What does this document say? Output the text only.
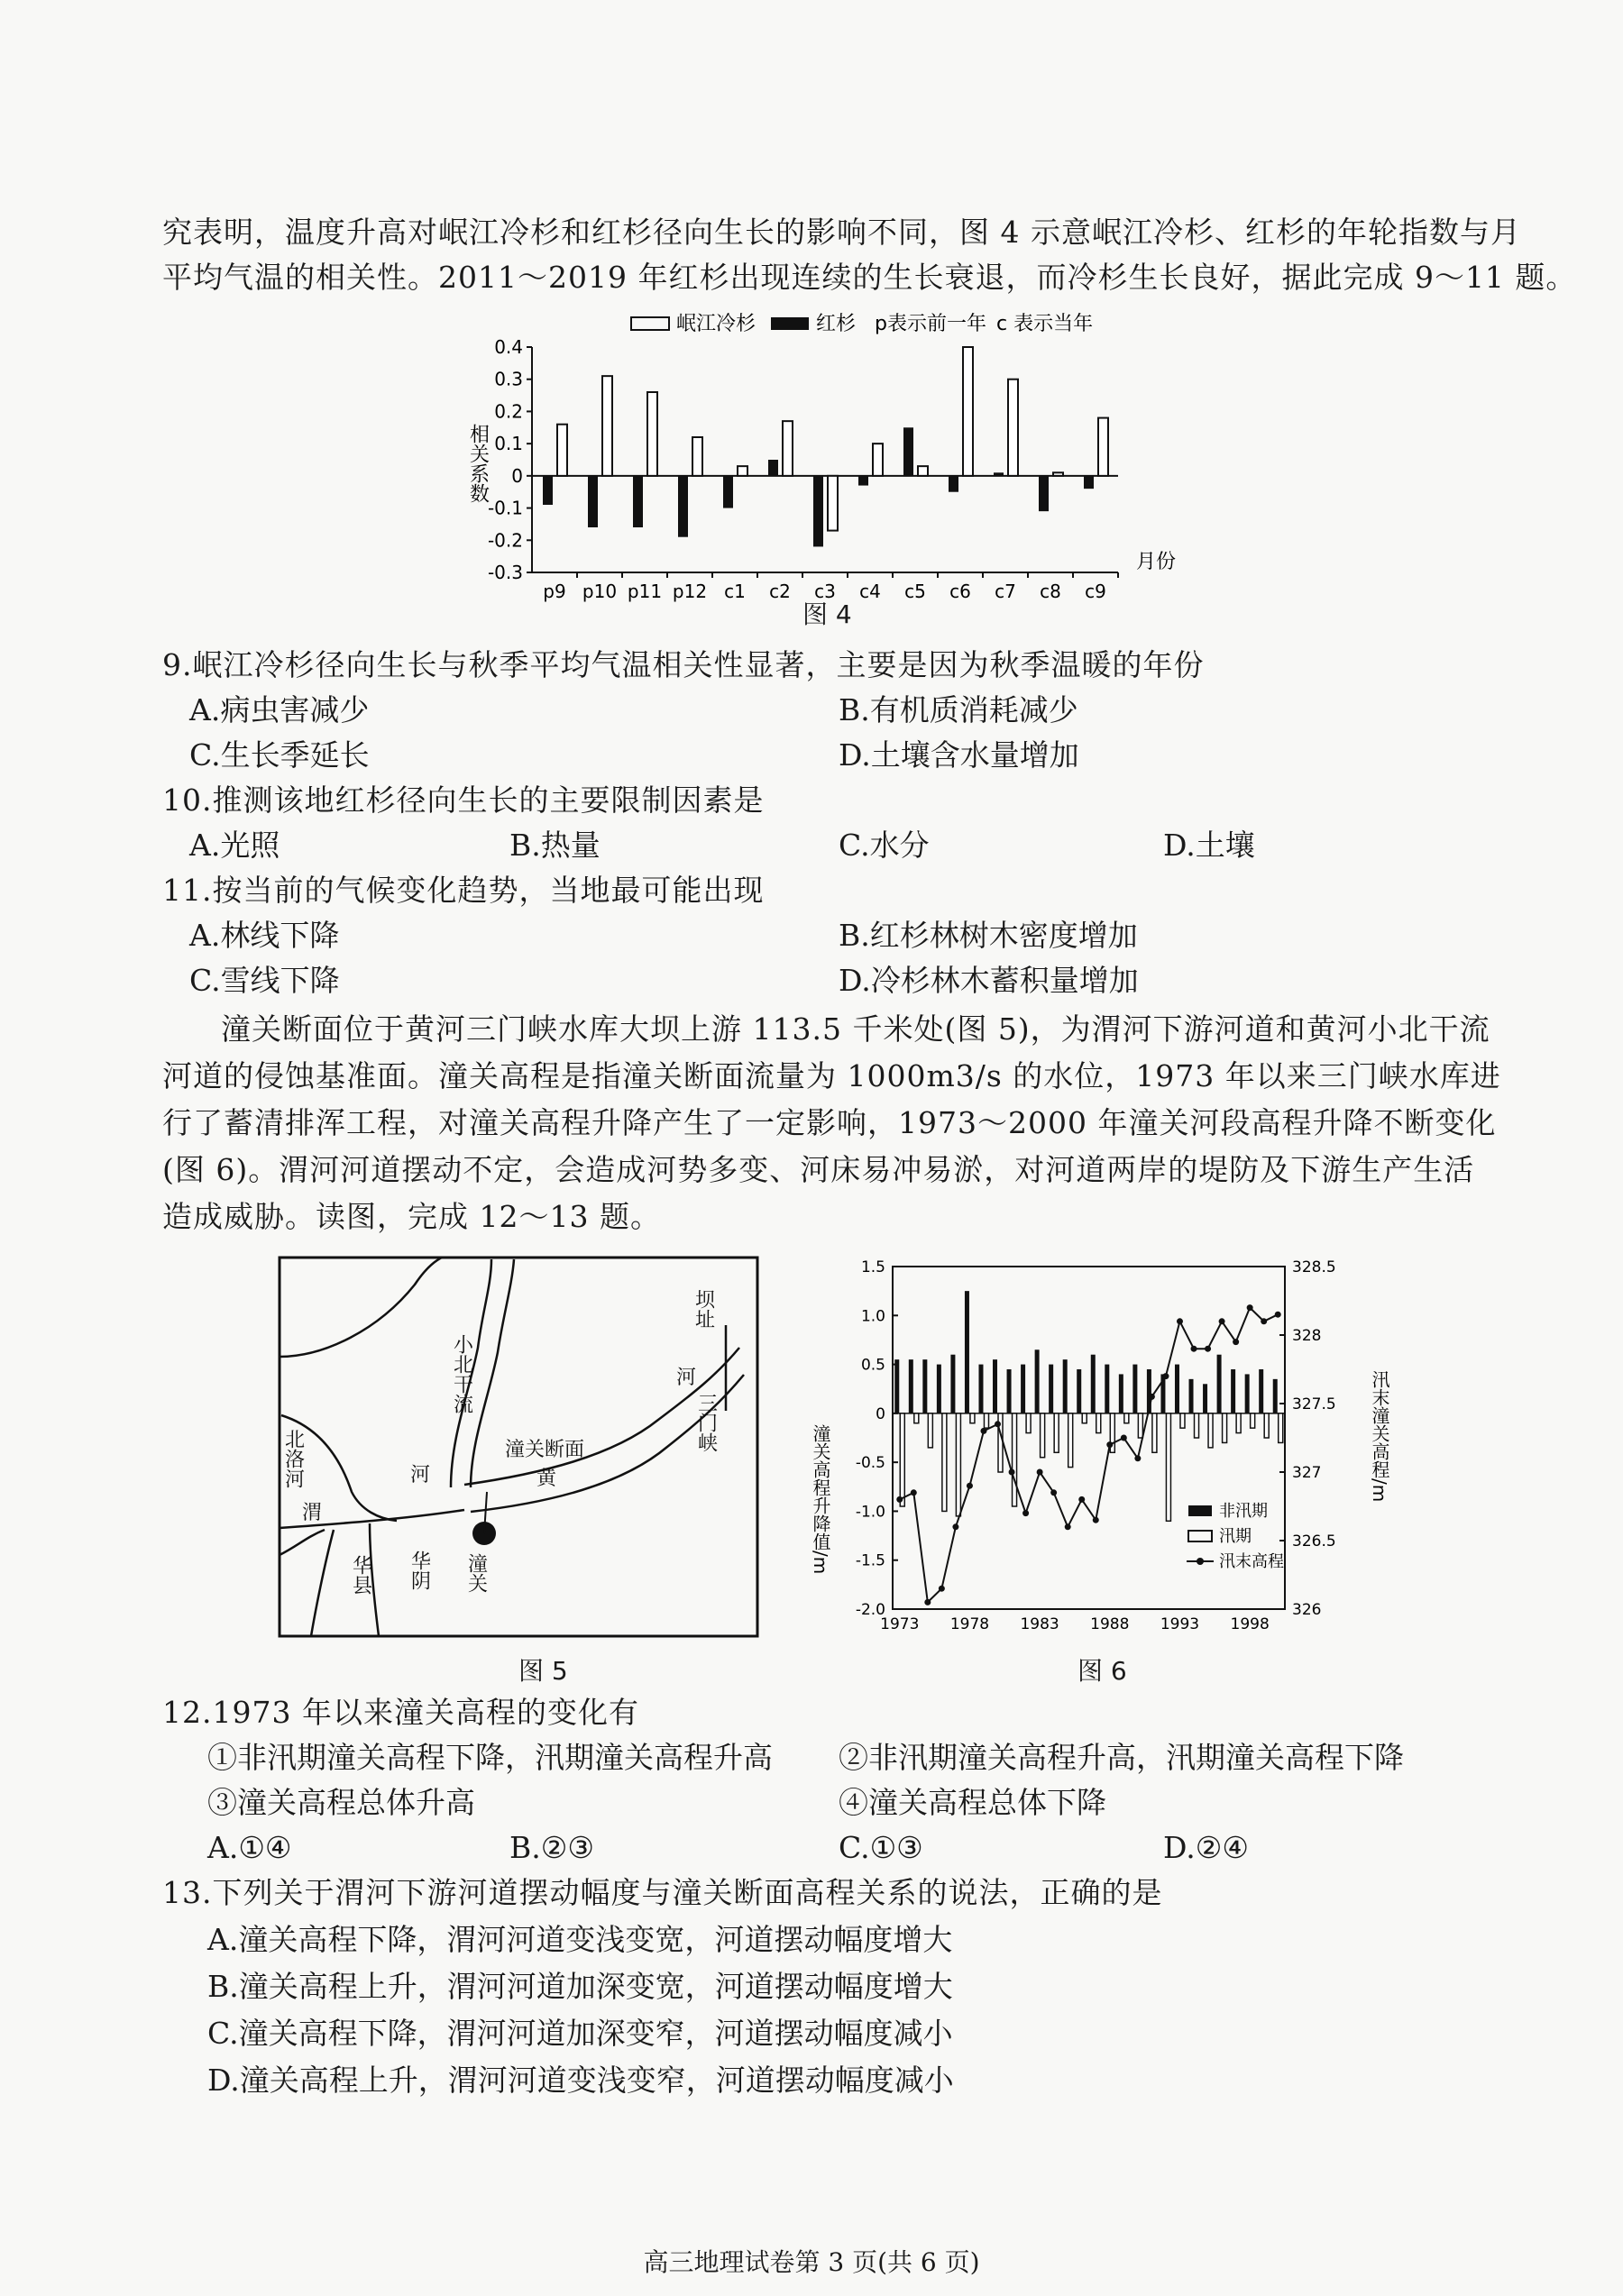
究表明，温度升高对岷江冷杉和红杉径向生长的影响不同，图 4 示意岷江冷杉、红杉的年轮指数与月
平均气温的相关性。2011～2019 年红杉出现连续的生长衰退，而冷杉生长良好，据此完成 9～11 题。
岷江冷杉	红杉 p表示前一年 c 表示当年
相关系数
月份
0.4
0.3
0.2
0.1
0
-0.1
-0.2
-0.3
p9 p10 p11 p12 c1 c2 c3 c4 c5 c6 c7 c8 c9
图 4
9.岷江冷杉径向生长与秋季平均气温相关性显著，主要是因为秋季温暖的年份
A.病虫害减少	B.有机质消耗减少
C.生长季延长	D.土壤含水量增加
10.推测该地红杉径向生长的主要限制因素是
A.光照	B.热量	C.水分	D.土壤
11.按当前的气候变化趋势，当地最可能出现
A.林线下降	B.红杉林树木密度增加
C.雪线下降	D.冷杉林木蓄积量增加
潼关断面位于黄河三门峡水库大坝上游 113.5 千米处(图 5)，为渭河下游河道和黄河小北干流
河道的侵蚀基准面。潼关高程是指潼关断面流量为 1000m3/s 的水位，1973 年以来三门峡水库进
行了蓄清排浑工程，对潼关高程升降产生了一定影响，1973～2000 年潼关河段高程升降不断变化
(图 6)。渭河河道摆动不定，会造成河势多变、河床易冲易淤，对河道两岸的堤防及下游生产生活
造成威胁。读图，完成 12～13 题。
北洛河
渭
河
小北干流
潼关断面
黄
河
坝址
三门峡
华县 华阴 潼关
图 5
潼关高程升降值/m	汛末潼关高程/m
1.5
1.0
0.5
0
-0.5
-1.0
-1.5
-2.0
328.5
328
327.5
327
326.5
326
1973 1978 1983 1988 1993 1998
非汛期
汛期
汛末高程
图 6
12.1973 年以来潼关高程的变化有
①非汛期潼关高程下降，汛期潼关高程升高 ②非汛期潼关高程升高，汛期潼关高程下降
③潼关高程总体升高	④潼关高程总体下降
A.①④	B.②③	C.①③	D.②④
13.下列关于渭河下游河道摆动幅度与潼关断面高程关系的说法，正确的是
A.潼关高程下降，渭河河道变浅变宽，河道摆动幅度增大
B.潼关高程上升，渭河河道加深变宽，河道摆动幅度增大
C.潼关高程下降，渭河河道加深变窄，河道摆动幅度减小
D.潼关高程上升，渭河河道变浅变窄，河道摆动幅度减小
高三地理试卷第 3 页(共 6 页)
